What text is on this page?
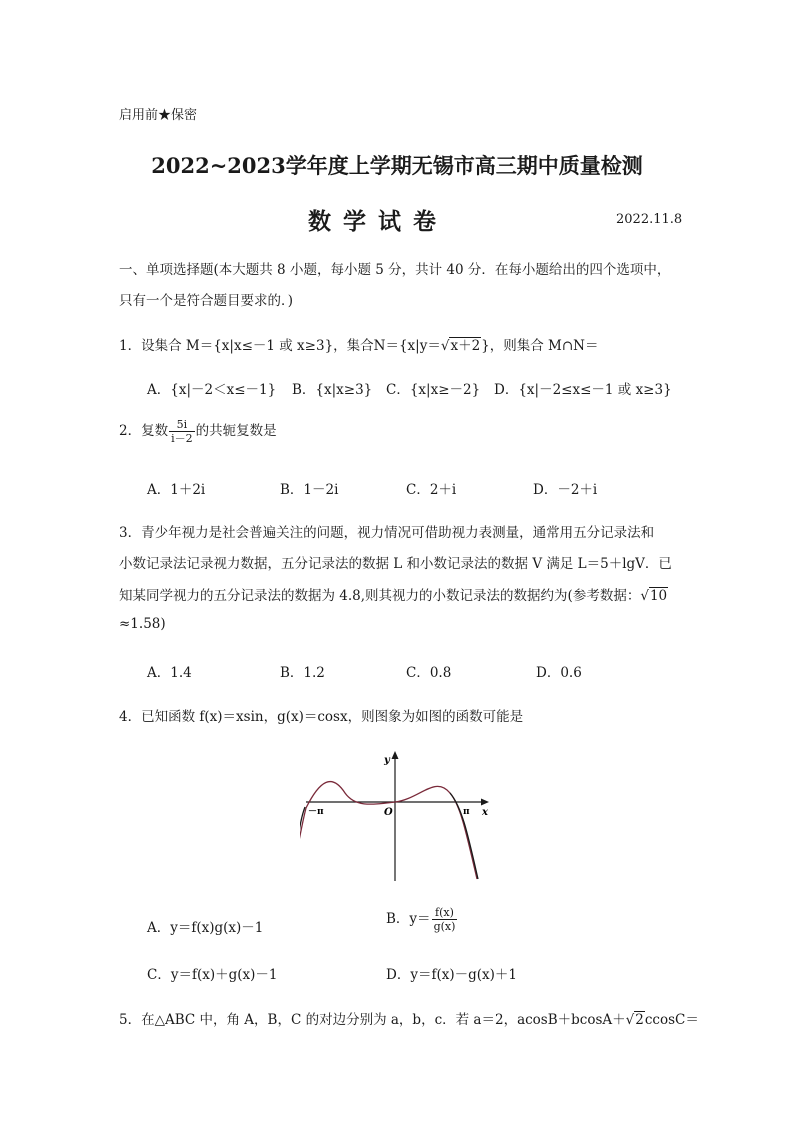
启用前★保密
2022~2023学年度上学期无锡市高三期中质量检测
数学试卷	2022.11.8
一、单项选择题(本大题共 8 小题，每小题 5 分，共计 40 分．在每小题给出的四个选项中，
只有一个是符合题目要求的．)
1．设集合 M＝{x|x≤－1 或 x≥3}，集合N＝{x|y＝√x＋2}，则集合 M∩N＝
A．{x|－2＜x≤－1} B．{x|x≥3} C．{x|x≥－2} D．{x|－2≤x≤－1 或 x≥3}
2．复数 $\frac{5i}{i-2}$ 的共轭复数是
A．1＋2i	B．1－2i	C．2＋i	D．－2＋i
3．青少年视力是社会普遍关注的问题，视力情况可借助视力表测量，通常用五分记录法和
小数记录法记录视力数据，五分记录法的数据 L 和小数记录法的数据 V 满足 L＝5＋lgV．已
知某同学视力的五分记录法的数据为 4.8,则其视力的小数记录法的数据约为(参考数据：√10
≈1.58)
A．1.4	B．1.2	C．0.8	D．0.6
4．已知函数 f(x)＝xsin，g(x)＝cosx，则图象为如图的函数可能是
y
x
O
－π	π
A．y＝f(x)g(x)－1
B．$y= \frac{f(x)}{g(x)}$
C．y＝f(x)＋g(x)－1	D．y＝f(x)－g(x)＋1
5．在△ABC 中，角 A，B，C 的对边分别为 a，b，c．若 a＝2，acosB＋bcosA＋√2ccosC＝
